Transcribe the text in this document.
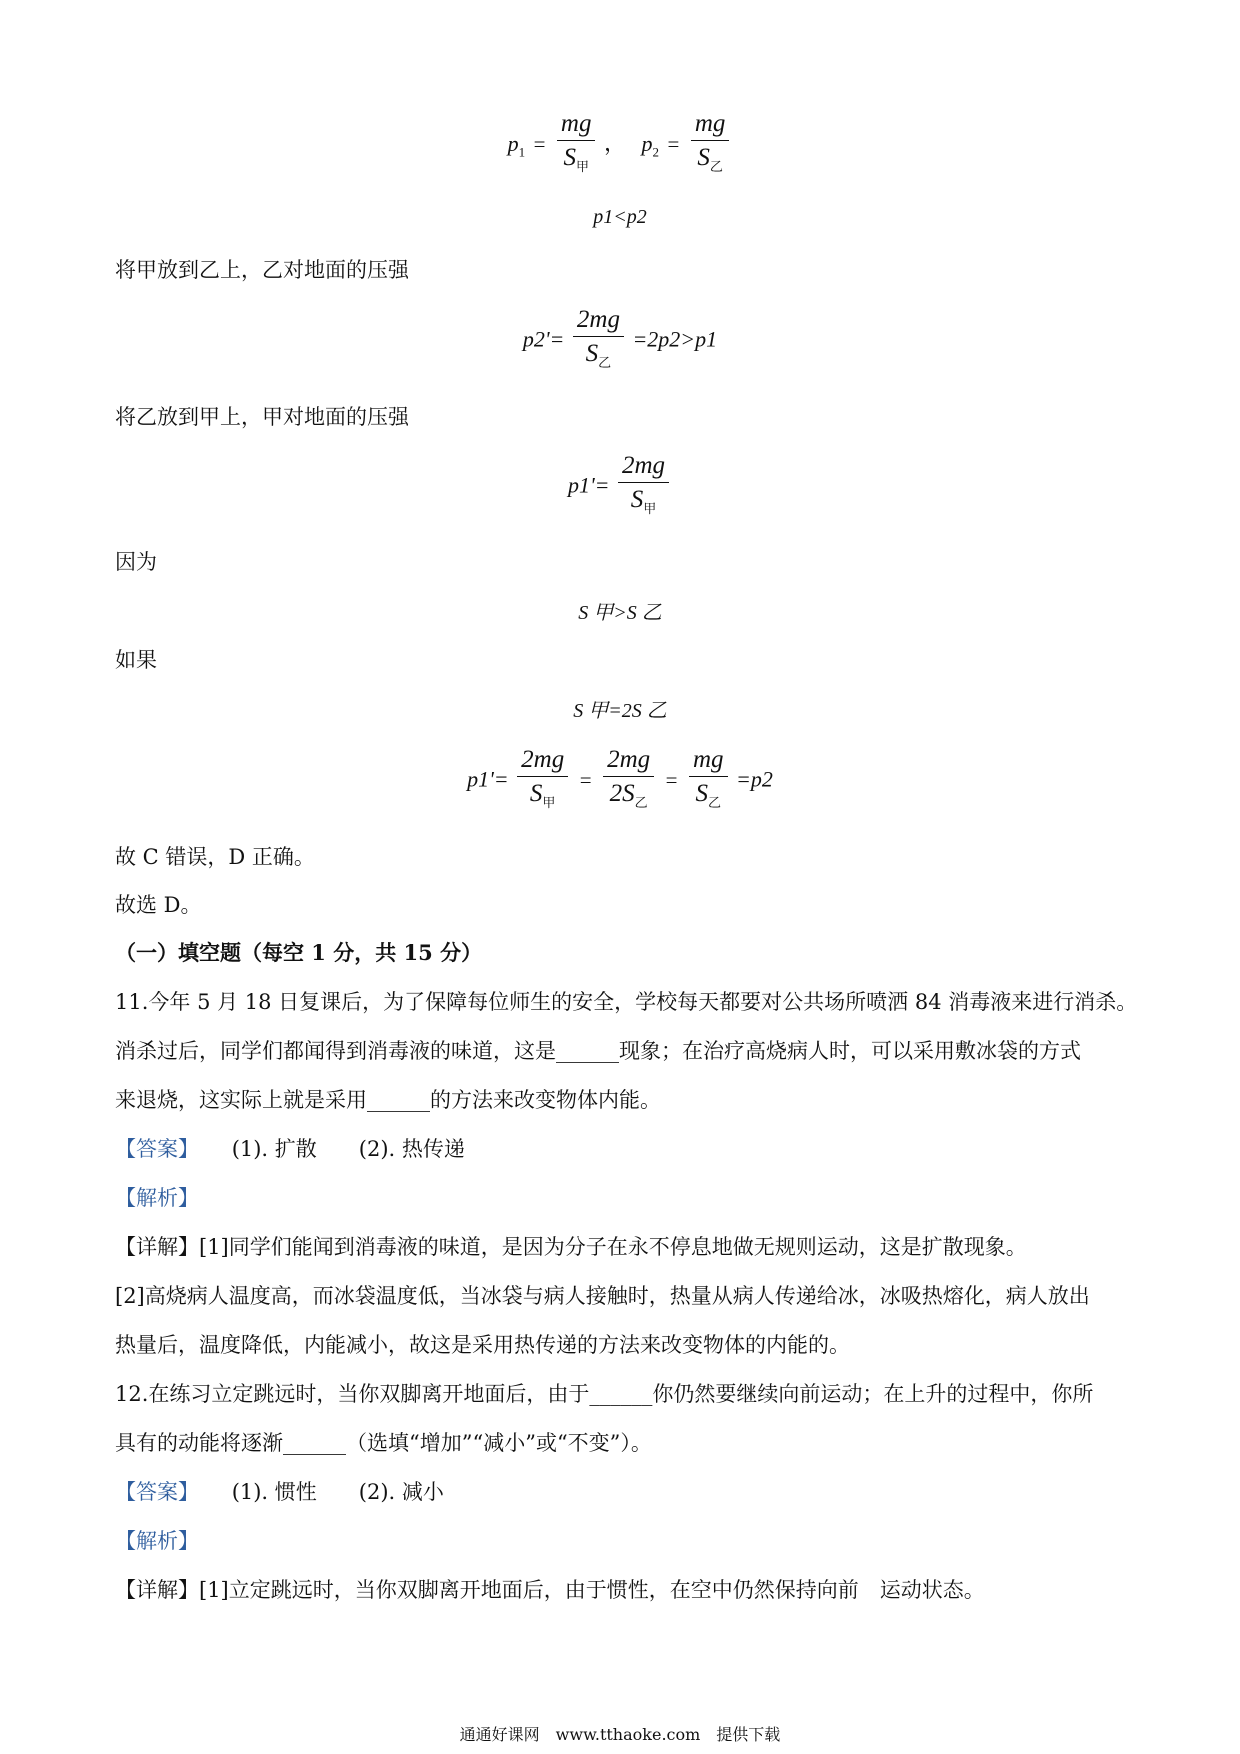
$p_1 = \frac{mg}{S_甲}$ ， $p_2 = \frac{mg}{S_乙}$
p1<p2
将甲放到乙上，乙对地面的压强
$p2'= \frac{2mg}{S_乙} =2p2>p1$
将乙放到甲上，甲对地面的压强
$p1'= \frac{2mg}{S_甲}$
因为
S 甲>S 乙
如果
S 甲=2S 乙
$p1'= \frac{2mg}{S_甲} = \frac{2mg}{2S_乙} = \frac{mg}{S_乙} =p2$
故 C 错误，D 正确。
故选 D。
（一）填空题（每空 1 分，共 15 分）
11.今年 5 月 18 日复课后，为了保障每位师生的安全，学校每天都要对公共场所喷洒 84 消毒液来进行消杀。
消杀过后，同学们都闻得到消毒液的味道，这是______现象；在治疗高烧病人时，可以采用敷冰袋的方式
来退烧，这实际上就是采用______的方法来改变物体内能。
【答案】 (1). 扩散　　(2). 热传递
【解析】
【详解】[1]同学们能闻到消毒液的味道，是因为分子在永不停息地做无规则运动，这是扩散现象。
[2]高烧病人温度高，而冰袋温度低，当冰袋与病人接触时，热量从病人传递给冰，冰吸热熔化，病人放出
热量后，温度降低，内能减小，故这是采用热传递的方法来改变物体的内能的。
12.在练习立定跳远时，当你双脚离开地面后，由于______你仍然要继续向前运动；在上升的过程中，你所
具有的动能将逐渐______（选填“增加”“减小”或“不变”）。
【答案】 (1). 惯性　　(2). 减小
【解析】
【详解】[1]立定跳远时，当你双脚离开地面后，由于惯性，在空中仍然保持向前　运动状态。
通通好课网　www.tthaoke.com　提供下载
